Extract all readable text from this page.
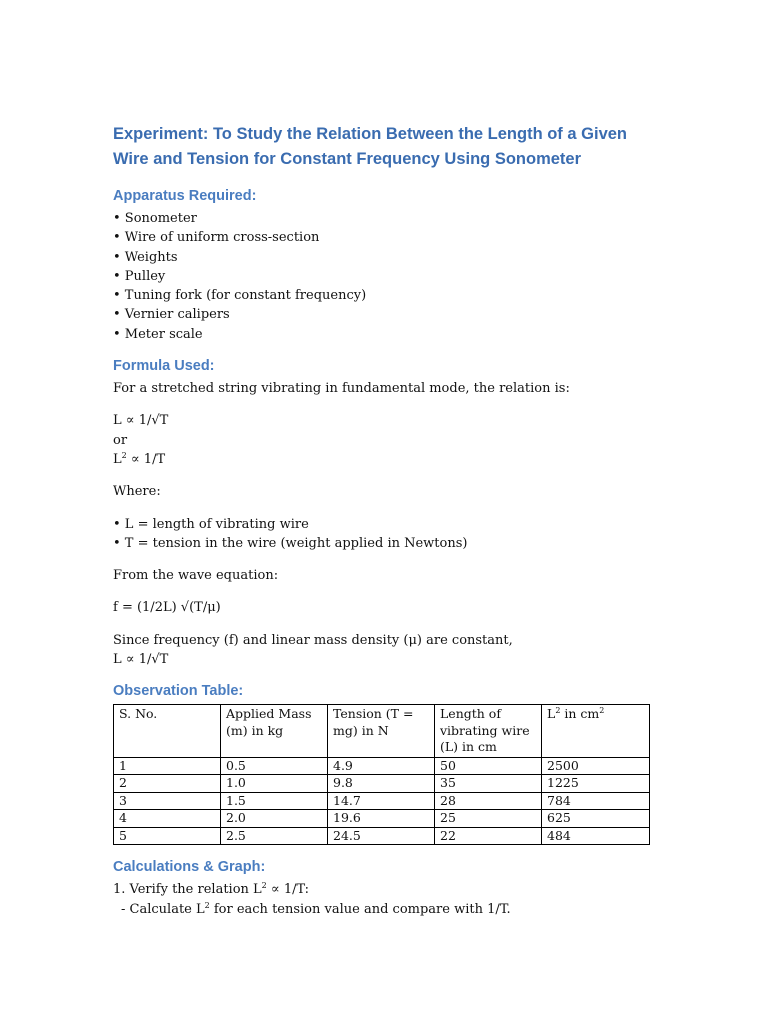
Experiment: To Study the Relation Between the Length of a Given Wire and Tension for Constant Frequency Using Sonometer
Apparatus Required:
• Sonometer
• Wire of uniform cross-section
• Weights
• Pulley
• Tuning fork (for constant frequency)
• Vernier calipers
• Meter scale
Formula Used:

For a stretched string vibrating in fundamental mode, the relation is:

L ∝ 1/√T

or

$L^2 \propto 1/T$

Where:

• L = length of vibrating wire
• T = tension in the wire (weight applied in Newtons)

From the wave equation:

f = (1/2L) √(T/μ)

Since frequency (f) and linear mass density (μ) are constant,

L ∝ 1/√T

Observation Table:
S. No.	Applied Mass (m) in kg	Tension (T = mg) in N	Length of vibrating wire (L) in cm	$L^2$ in $cm^2$
1	0.5	4.9	50	2500
2	1.0	9.8	35	1225
3	1.5	14.7	28	784
4	2.0	19.6	25	625
5	2.5	24.5	22	484
Calculations & Graph:
1. Verify the relation $L^2 \propto 1/T$:
- Calculate $L^2$ for each tension value and compare with 1/T.
